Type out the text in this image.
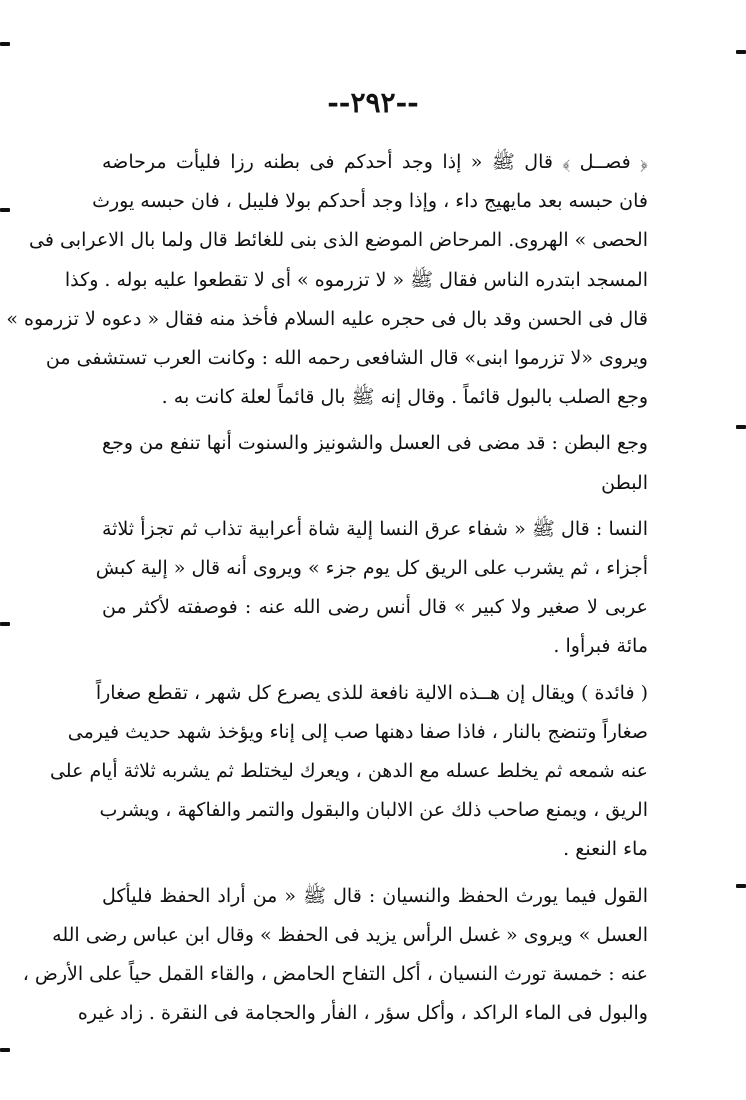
--٢٩٢--

﴿ فصــل ﴾ قال ﷺ « إذا وجد أحدكم فى بطنه رزا فليأت مرحاضه
فان حبسه بعد مايهيج داء ، وإذا وجد أحدكم بولا فليبل ، فان حبسه يورث
الحصى » الهروى. المرحاض الموضع الذى بنى للغائط قال ولما بال الاعرابى فى
المسجد ابتدره الناس فقال ﷺ « لا تزرموه » أى لا تقطعوا عليه بوله . وكذا
قال فى الحسن وقد بال فى حجره عليه السلام فأخذ منه فقال « دعوه لا تزرموه »
ويروى «لا تزرموا ابنى» قال الشافعى رحمه الله : وكانت العرب تستشفى من
وجع الصلب بالبول قائماً . وقال إنه ﷺ بال قائماً لعلة كانت به .

وجع البطن : قد مضى فى العسل والشونيز والسنوت أنها تنفع من وجع
البطن

النسا : قال ﷺ « شفاء عرق النسا إلية شاة أعرابية تذاب ثم تجزأ ثلاثة
أجزاء ، ثم يشرب على الريق كل يوم جزء » ويروى أنه قال « إلية كبش
عربى لا صغير ولا كبير » قال أنس رضى الله عنه : فوصفته لأكثر من
مائة فبرأوا .

( فائدة ) ويقال إن هــذه الالية نافعة للذى يصرع كل شهر ، تقطع صغاراً
صغاراً وتنضج بالنار ، فاذا صفا دهنها صب إلى إناء ويؤخذ شهد حديث فيرمى
عنه شمعه ثم يخلط عسله مع الدهن ، ويعرك ليختلط ثم يشربه ثلاثة أيام على
الريق ، ويمنع صاحب ذلك عن الالبان والبقول والتمر والفاكهة ، ويشرب
ماء النعنع .

القول فيما يورث الحفظ والنسيان : قال ﷺ « من أراد الحفظ فليأكل
العسل » ويروى « غسل الرأس يزيد فى الحفظ » وقال ابن عباس رضى الله
عنه : خمسة تورث النسيان ، أكل التفاح الحامض ، والقاء القمل حياً على الأرض ،
والبول فى الماء الراكد ، وأكل سؤر ، الفأر والحجامة فى النقرة . زاد غيره
